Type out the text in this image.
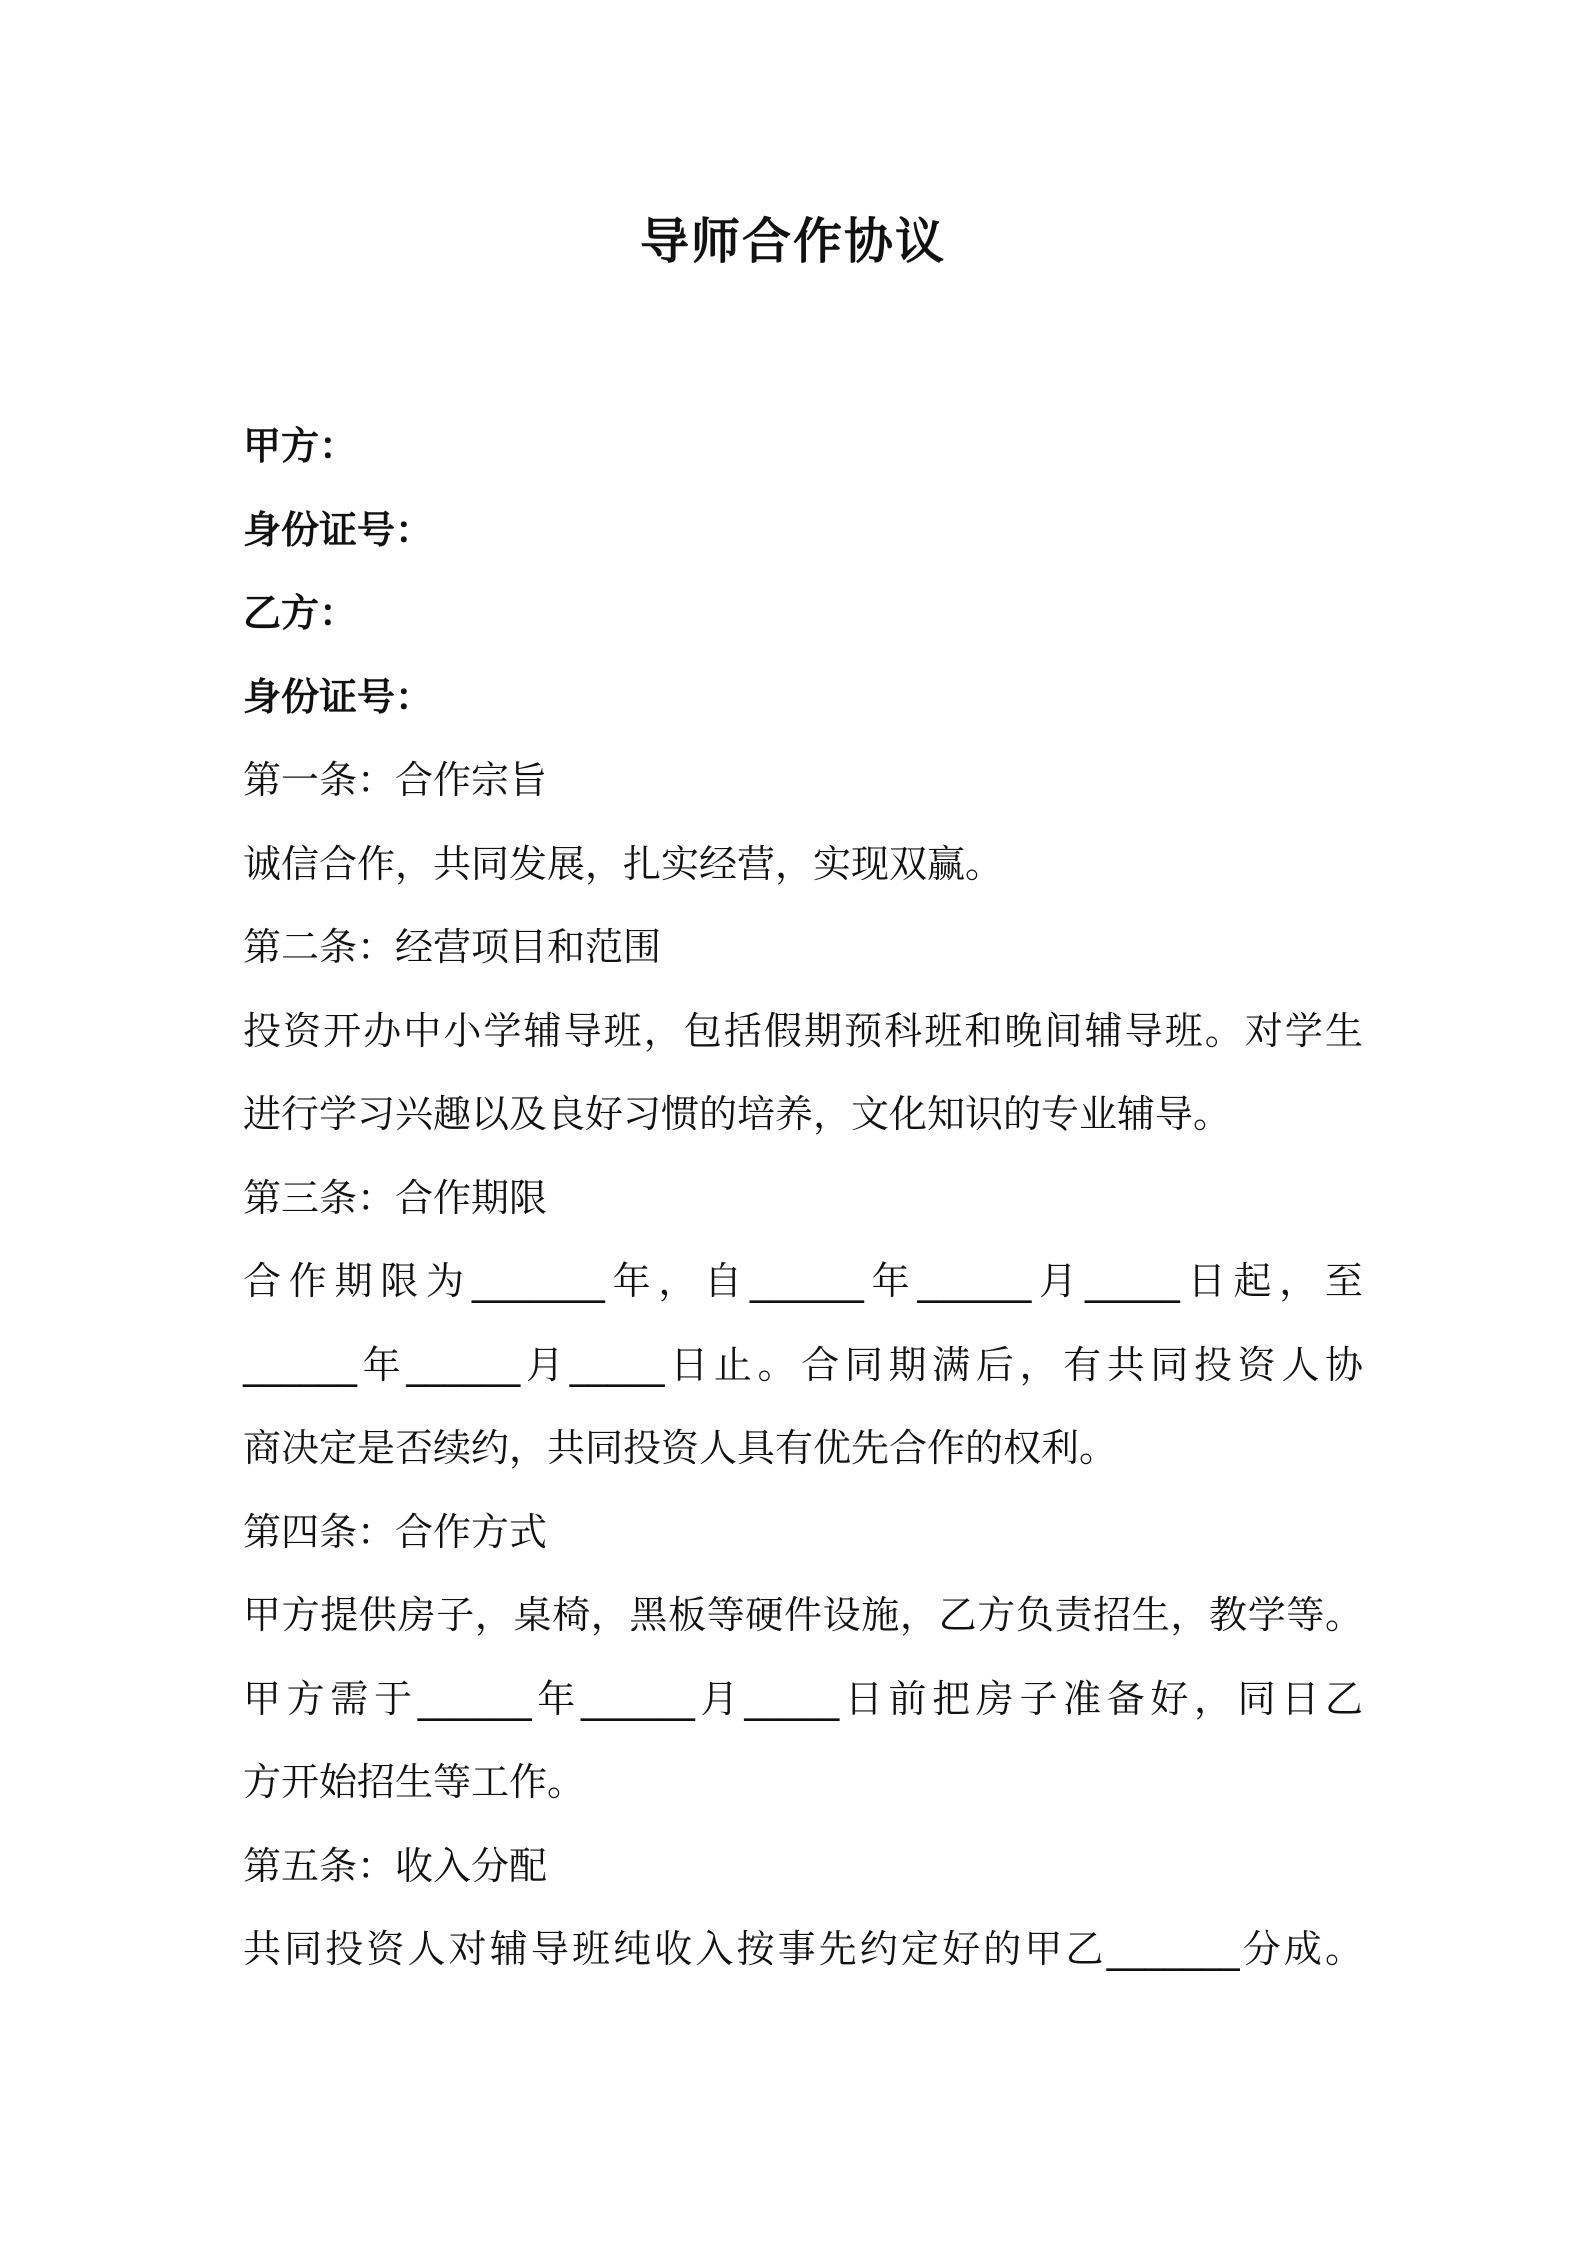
导师合作协议
甲方：
身份证号：
乙方：
身份证号：
第一条：合作宗旨
诚信合作，共同发展，扎实经营，实现双赢。
第二条：经营项目和范围
投资开办中小学辅导班，包括假期预科班和晚间辅导班。对学生
进行学习兴趣以及良好习惯的培养，文化知识的专业辅导。
第三条：合作期限
合作期限为_______年，自______年______月_____日起，至
______年______月_____日止。合同期满后，有共同投资人协
商决定是否续约，共同投资人具有优先合作的权利。
第四条：合作方式
甲方提供房子，桌椅，黑板等硬件设施，乙方负责招生，教学等。
甲方需于______年______月_____日前把房子准备好，同日乙
方开始招生等工作。
第五条：收入分配
共同投资人对辅导班纯收入按事先约定好的甲乙_______分成。
